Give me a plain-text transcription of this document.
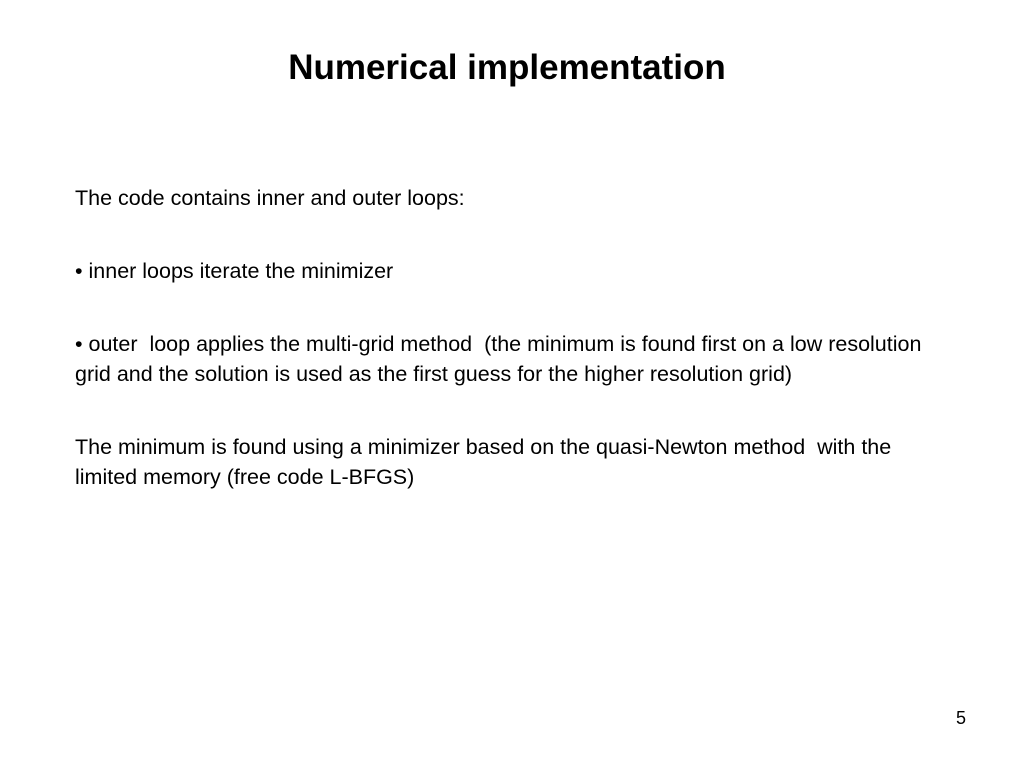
Numerical implementation

The code contains inner and outer loops:

• inner loops iterate the minimizer

• outer  loop applies the multi-grid method  (the minimum is found first on a low resolution grid and the solution is used as the first guess for the higher resolution grid)

The minimum is found using a minimizer based on the quasi-Newton method  with the limited memory (free code L-BFGS)

5
